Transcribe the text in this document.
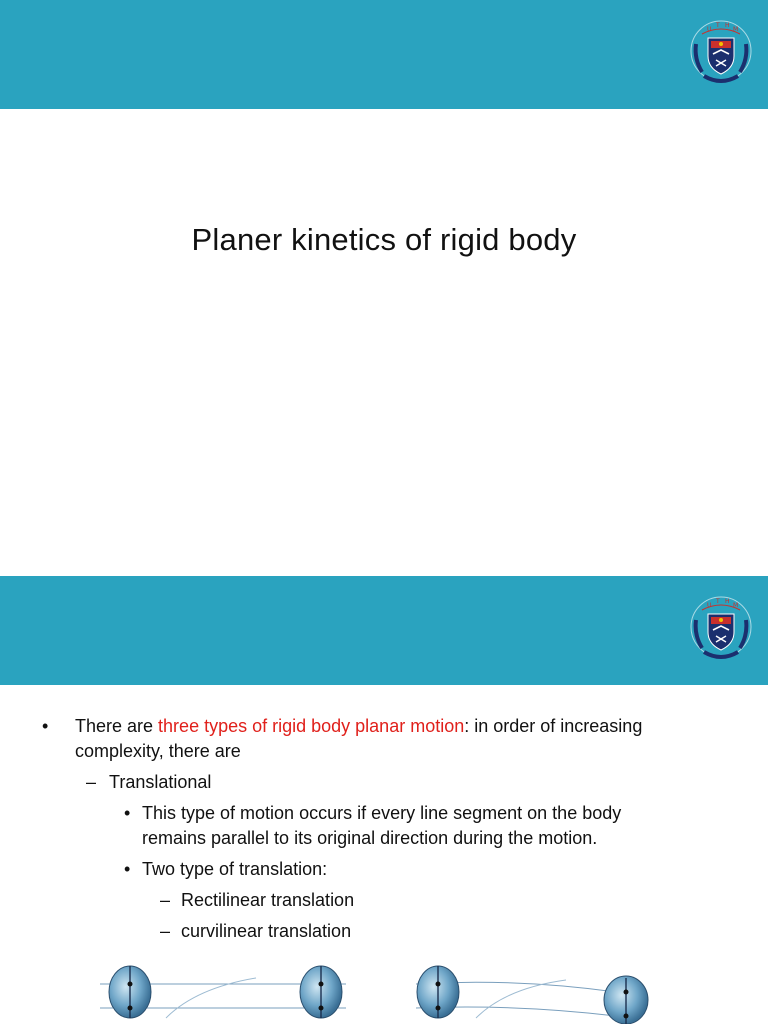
U
T H
M
Planer kinetics of rigid body
U
T H
M
• There are three types of rigid body planar motion: in order of increasing
complexity, there are
– Translational
• This type of motion occurs if every line segment on the body
remains parallel to its original direction during the motion.
• Two type of translation:
– Rectilinear translation
– curvilinear translation
